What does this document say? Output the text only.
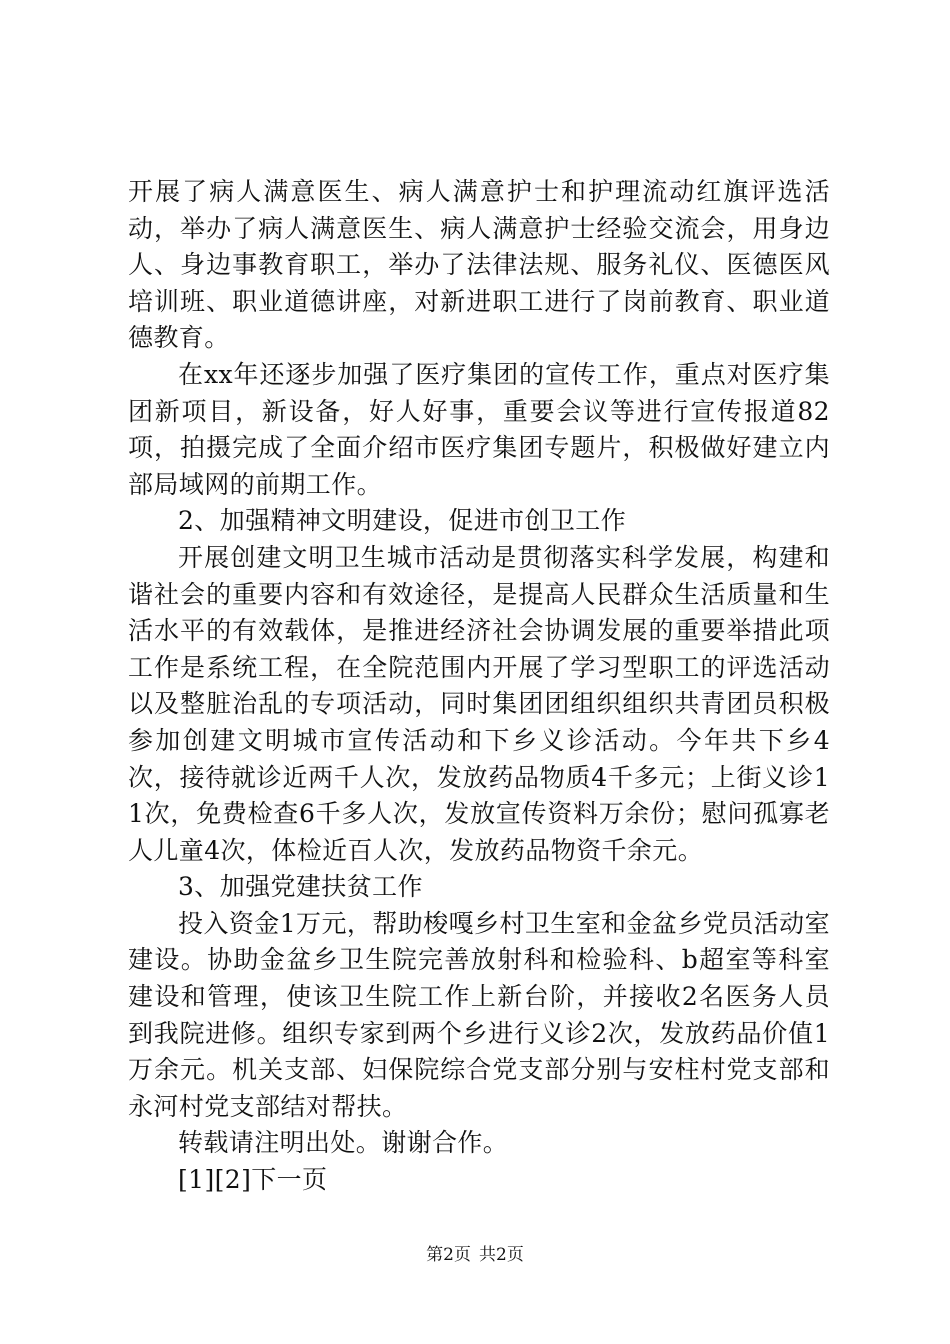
开展了病人满意医生、病人满意护士和护理流动红旗评选活动，举办了病人满意医生、病人满意护士经验交流会，用身边人、身边事教育职工，举办了法律法规、服务礼仪、医德医风培训班、职业道德讲座，对新进职工进行了岗前教育、职业道德教育。

在xx年还逐步加强了医疗集团的宣传工作，重点对医疗集团新项目，新设备，好人好事，重要会议等进行宣传报道82项，拍摄完成了全面介绍市医疗集团专题片，积极做好建立内部局域网的前期工作。

2、加强精神文明建设，促进市创卫工作

开展创建文明卫生城市活动是贯彻落实科学发展，构建和谐社会的重要内容和有效途径，是提高人民群众生活质量和生活水平的有效载体，是推进经济社会协调发展的重要举措此项工作是系统工程，在全院范围内开展了学习型职工的评选活动以及整脏治乱的专项活动，同时集团团组织组织共青团员积极参加创建文明城市宣传活动和下乡义诊活动。今年共下乡4次，接待就诊近两千人次，发放药品物质4千多元；上街义诊11次，免费检查6千多人次，发放宣传资料万余份；慰问孤寡老人儿童4次，体检近百人次，发放药品物资千余元。

3、加强党建扶贫工作

投入资金1万元，帮助梭嘎乡村卫生室和金盆乡党员活动室建设。协助金盆乡卫生院完善放射科和检验科、b超室等科室建设和管理，使该卫生院工作上新台阶，并接收2名医务人员到我院进修。组织专家到两个乡进行义诊2次，发放药品价值1万余元。机关支部、妇保院综合党支部分别与安柱村党支部和永河村党支部结对帮扶。

转载请注明出处。谢谢合作。

[1][2]下一页

第2页 共2页
